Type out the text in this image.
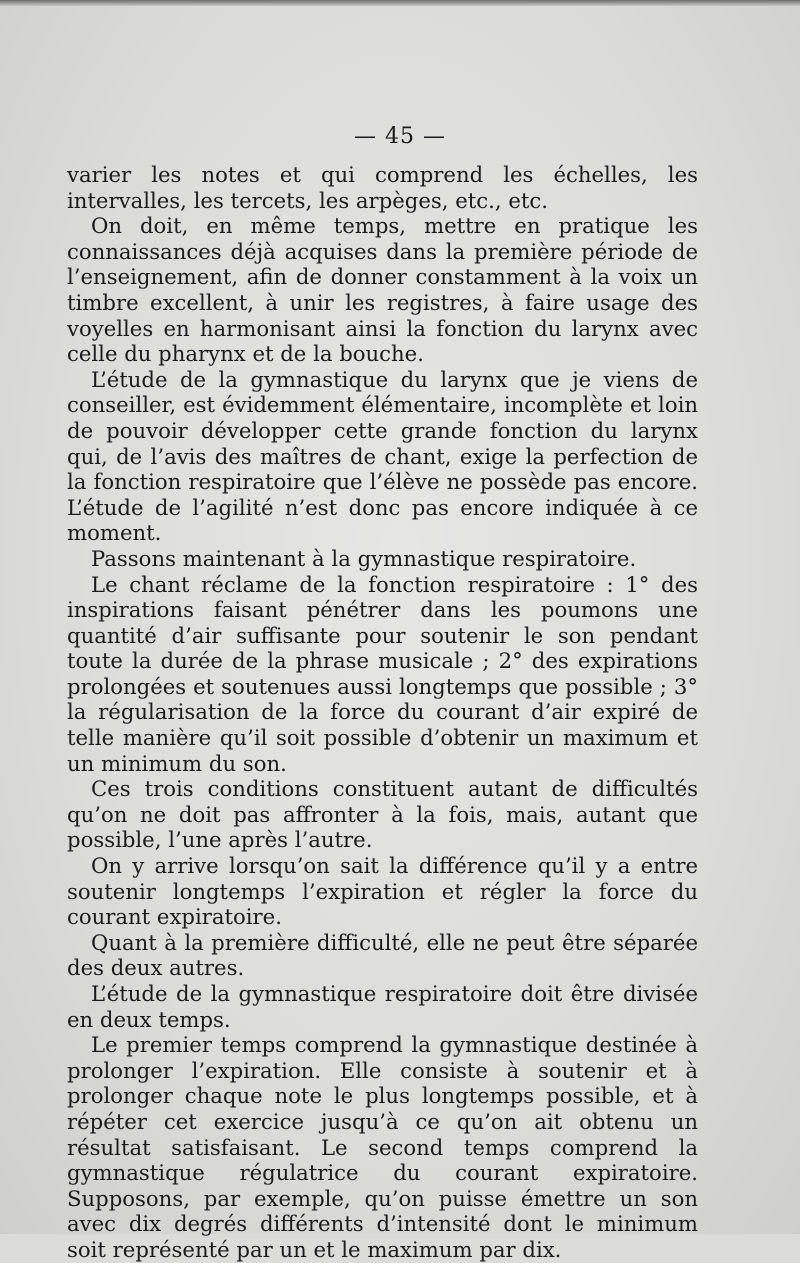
— 45 —

varier les notes et qui comprend les échelles, les intervalles, les tercets, les arpèges, etc., etc.

On doit, en même temps, mettre en pratique les connaissances déjà acquises dans la première période de l’enseignement, afin de donner constamment à la voix un timbre excellent, à unir les registres, à faire usage des voyelles en harmonisant ainsi la fonction du larynx avec celle du pharynx et de la bouche.

L’étude de la gymnastique du larynx que je viens de conseiller, est évidemment élémentaire, incomplète et loin de pouvoir développer cette grande fonction du larynx qui, de l’avis des maîtres de chant, exige la perfection de la fonction respiratoire que l’élève ne possède pas encore. L’étude de l’agilité n’est donc pas encore indiquée à ce moment.

Passons maintenant à la gymnastique respiratoire.

Le chant réclame de la fonction respiratoire : 1° des inspirations faisant pénétrer dans les poumons une quantité d’air suffisante pour soutenir le son pendant toute la durée de la phrase musicale ; 2° des expirations prolongées et soutenues aussi longtemps que possible ; 3° la régularisation de la force du courant d’air expiré de telle manière qu’il soit possible d’obtenir un maximum et un minimum du son.

Ces trois conditions constituent autant de difficultés qu’on ne doit pas affronter à la fois, mais, autant que possible, l’une après l’autre.

On y arrive lorsqu’on sait la différence qu’il y a entre soutenir longtemps l’expiration et régler la force du courant expiratoire.

Quant à la première difficulté, elle ne peut être séparée des deux autres.

L’étude de la gymnastique respiratoire doit être divisée en deux temps.

Le premier temps comprend la gymnastique destinée à prolonger l’expiration. Elle consiste à soutenir et à prolonger chaque note le plus longtemps possible, et à répéter cet exercice jusqu’à ce qu’on ait obtenu un résultat satisfaisant. Le second temps comprend la gymnastique régulatrice du courant expiratoire. Supposons, par exemple, qu’on puisse émettre un son avec dix degrés différents d’intensité dont le minimum soit représenté par un et le maximum par dix.
